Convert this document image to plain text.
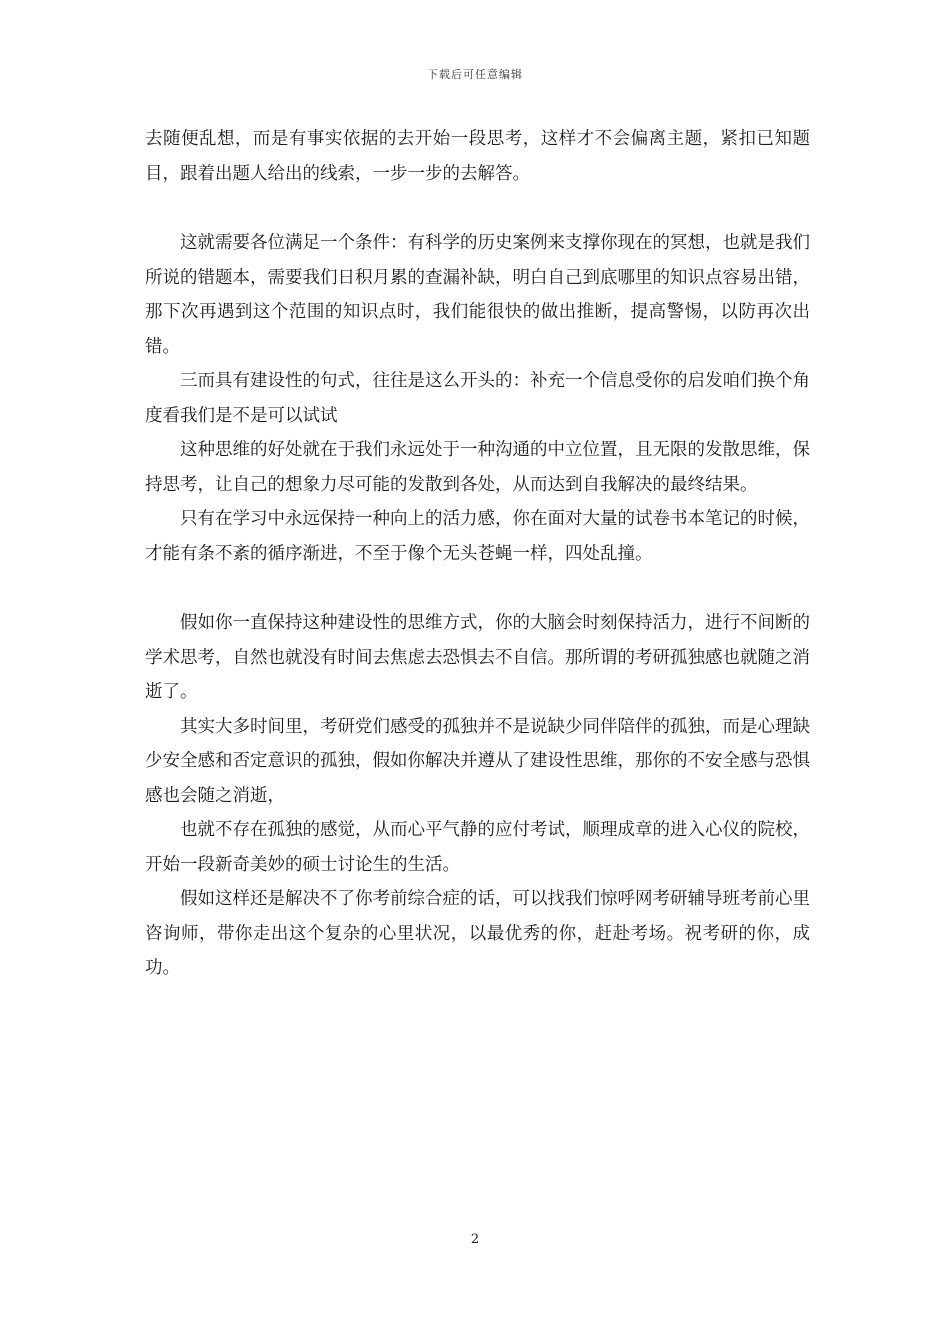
下载后可任意编辑

去随便乱想，而是有事实依据的去开始一段思考，这样才不会偏离主题，紧扣已知题目，跟着出题人给出的线索，一步一步的去解答。

这就需要各位满足一个条件：有科学的历史案例来支撑你现在的冥想，也就是我们所说的错题本，需要我们日积月累的查漏补缺，明白自己到底哪里的知识点容易出错，那下次再遇到这个范围的知识点时，我们能很快的做出推断，提高警惕，以防再次出错。

三而具有建设性的句式，往往是这么开头的：补充一个信息受你的启发咱们换个角度看我们是不是可以试试

这种思维的好处就在于我们永远处于一种沟通的中立位置，且无限的发散思维，保持思考，让自己的想象力尽可能的发散到各处，从而达到自我解决的最终结果。

只有在学习中永远保持一种向上的活力感，你在面对大量的试卷书本笔记的时候，才能有条不紊的循序渐进，不至于像个无头苍蝇一样，四处乱撞。

假如你一直保持这种建设性的思维方式，你的大脑会时刻保持活力，进行不间断的学术思考，自然也就没有时间去焦虑去恐惧去不自信。那所谓的考研孤独感也就随之消逝了。

其实大多时间里，考研党们感受的孤独并不是说缺少同伴陪伴的孤独，而是心理缺少安全感和否定意识的孤独，假如你解决并遵从了建设性思维，那你的不安全感与恐惧感也会随之消逝，

也就不存在孤独的感觉，从而心平气静的应付考试，顺理成章的进入心仪的院校，开始一段新奇美妙的硕士讨论生的生活。

假如这样还是解决不了你考前综合症的话，可以找我们惊呼网考研辅导班考前心里咨询师，带你走出这个复杂的心里状况，以最优秀的你，赶赴考场。祝考研的你，成功。

2
